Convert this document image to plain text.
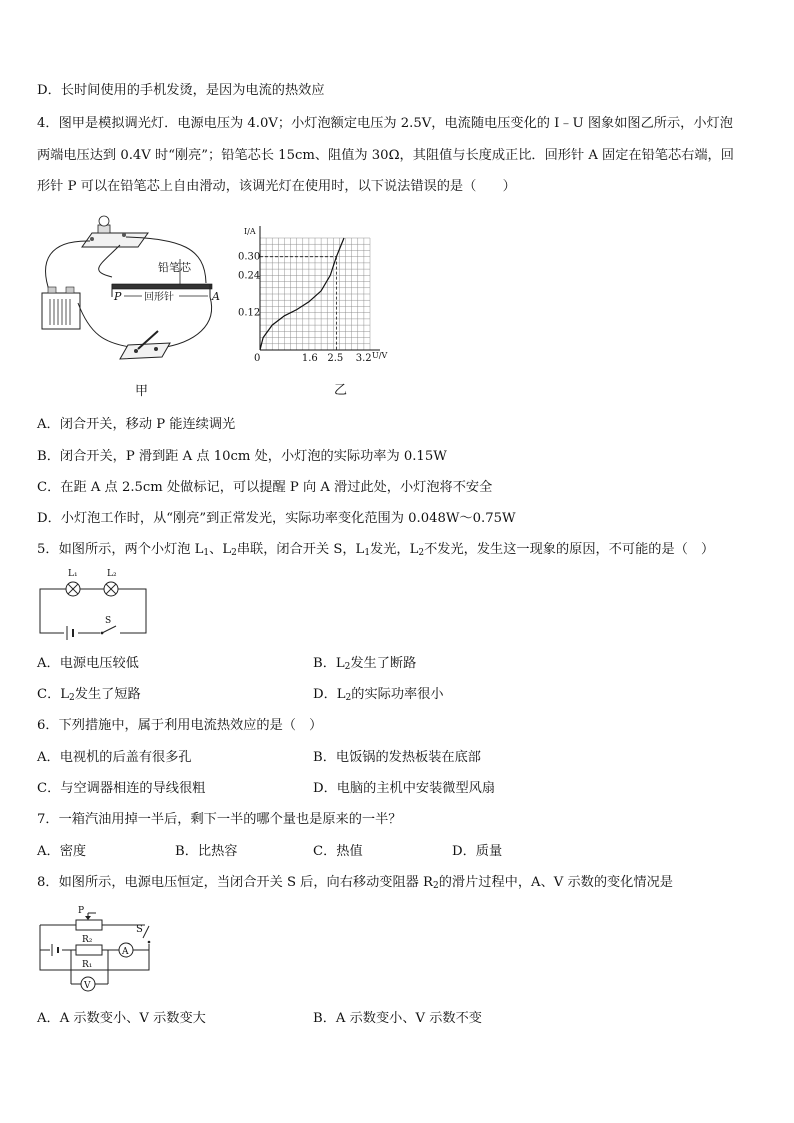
D．长时间使用的手机发烫，是因为电流的热效应
4．图甲是模拟调光灯．电源电压为 4.0V；小灯泡额定电压为 2.5V，电流随电压变化的 I﹣U 图象如图乙所示，小灯泡
两端电压达到 0.4V 时“刚亮”；铅笔芯长 15cm、阻值为 30Ω，其阻值与长度成正比．回形针 A 固定在铅笔芯右端，回
形针 P 可以在铅笔芯上自由滑动，该调光灯在使用时，以下说法错误的是（　　）
铅笔芯
P 回形针	A
甲
I/A
U/V
0.30
0.24
0.12
0	1.6 2.5 3.2
乙
A．闭合开关，移动 P 能连续调光
B．闭合开关，P 滑到距 A 点 10cm 处，小灯泡的实际功率为 0.15W
C．在距 A 点 2.5cm 处做标记，可以提醒 P 向 A 滑过此处，小灯泡将不安全
D．小灯泡工作时，从“刚亮”到正常发光，实际功率变化范围为 0.048W～0.75W
5．如图所示，两个小灯泡 $L_1$、$L_2$串联，闭合开关 S，$L_1$发光，$L_2$不发光，发生这一现象的原因，不可能的是（　）
L₁	L₂
S
A．电源电压较低	B．$L_2$发生了断路
C．$L_2$发生了短路	D．$L_2$的实际功率很小
6．下列措施中，属于利用电流热效应的是（　）
A．电视机的后盖有很多孔	B．电饭锅的发热板装在底部
C．与空调器相连的导线很粗	D．电脑的主机中安装微型风扇
7．一箱汽油用掉一半后，剩下一半的哪个量也是原来的一半？
A．密度	B．比热容	C．热值	D．质量
8．如图所示，电源电压恒定，当闭合开关 S 后，向右移动变阻器 $R_2$的滑片过程中，A、V 示数的变化情况是
P
R₂
S
R₁
A
V
A．A 示数变小、V 示数变大	B．A 示数变小、V 示数不变
